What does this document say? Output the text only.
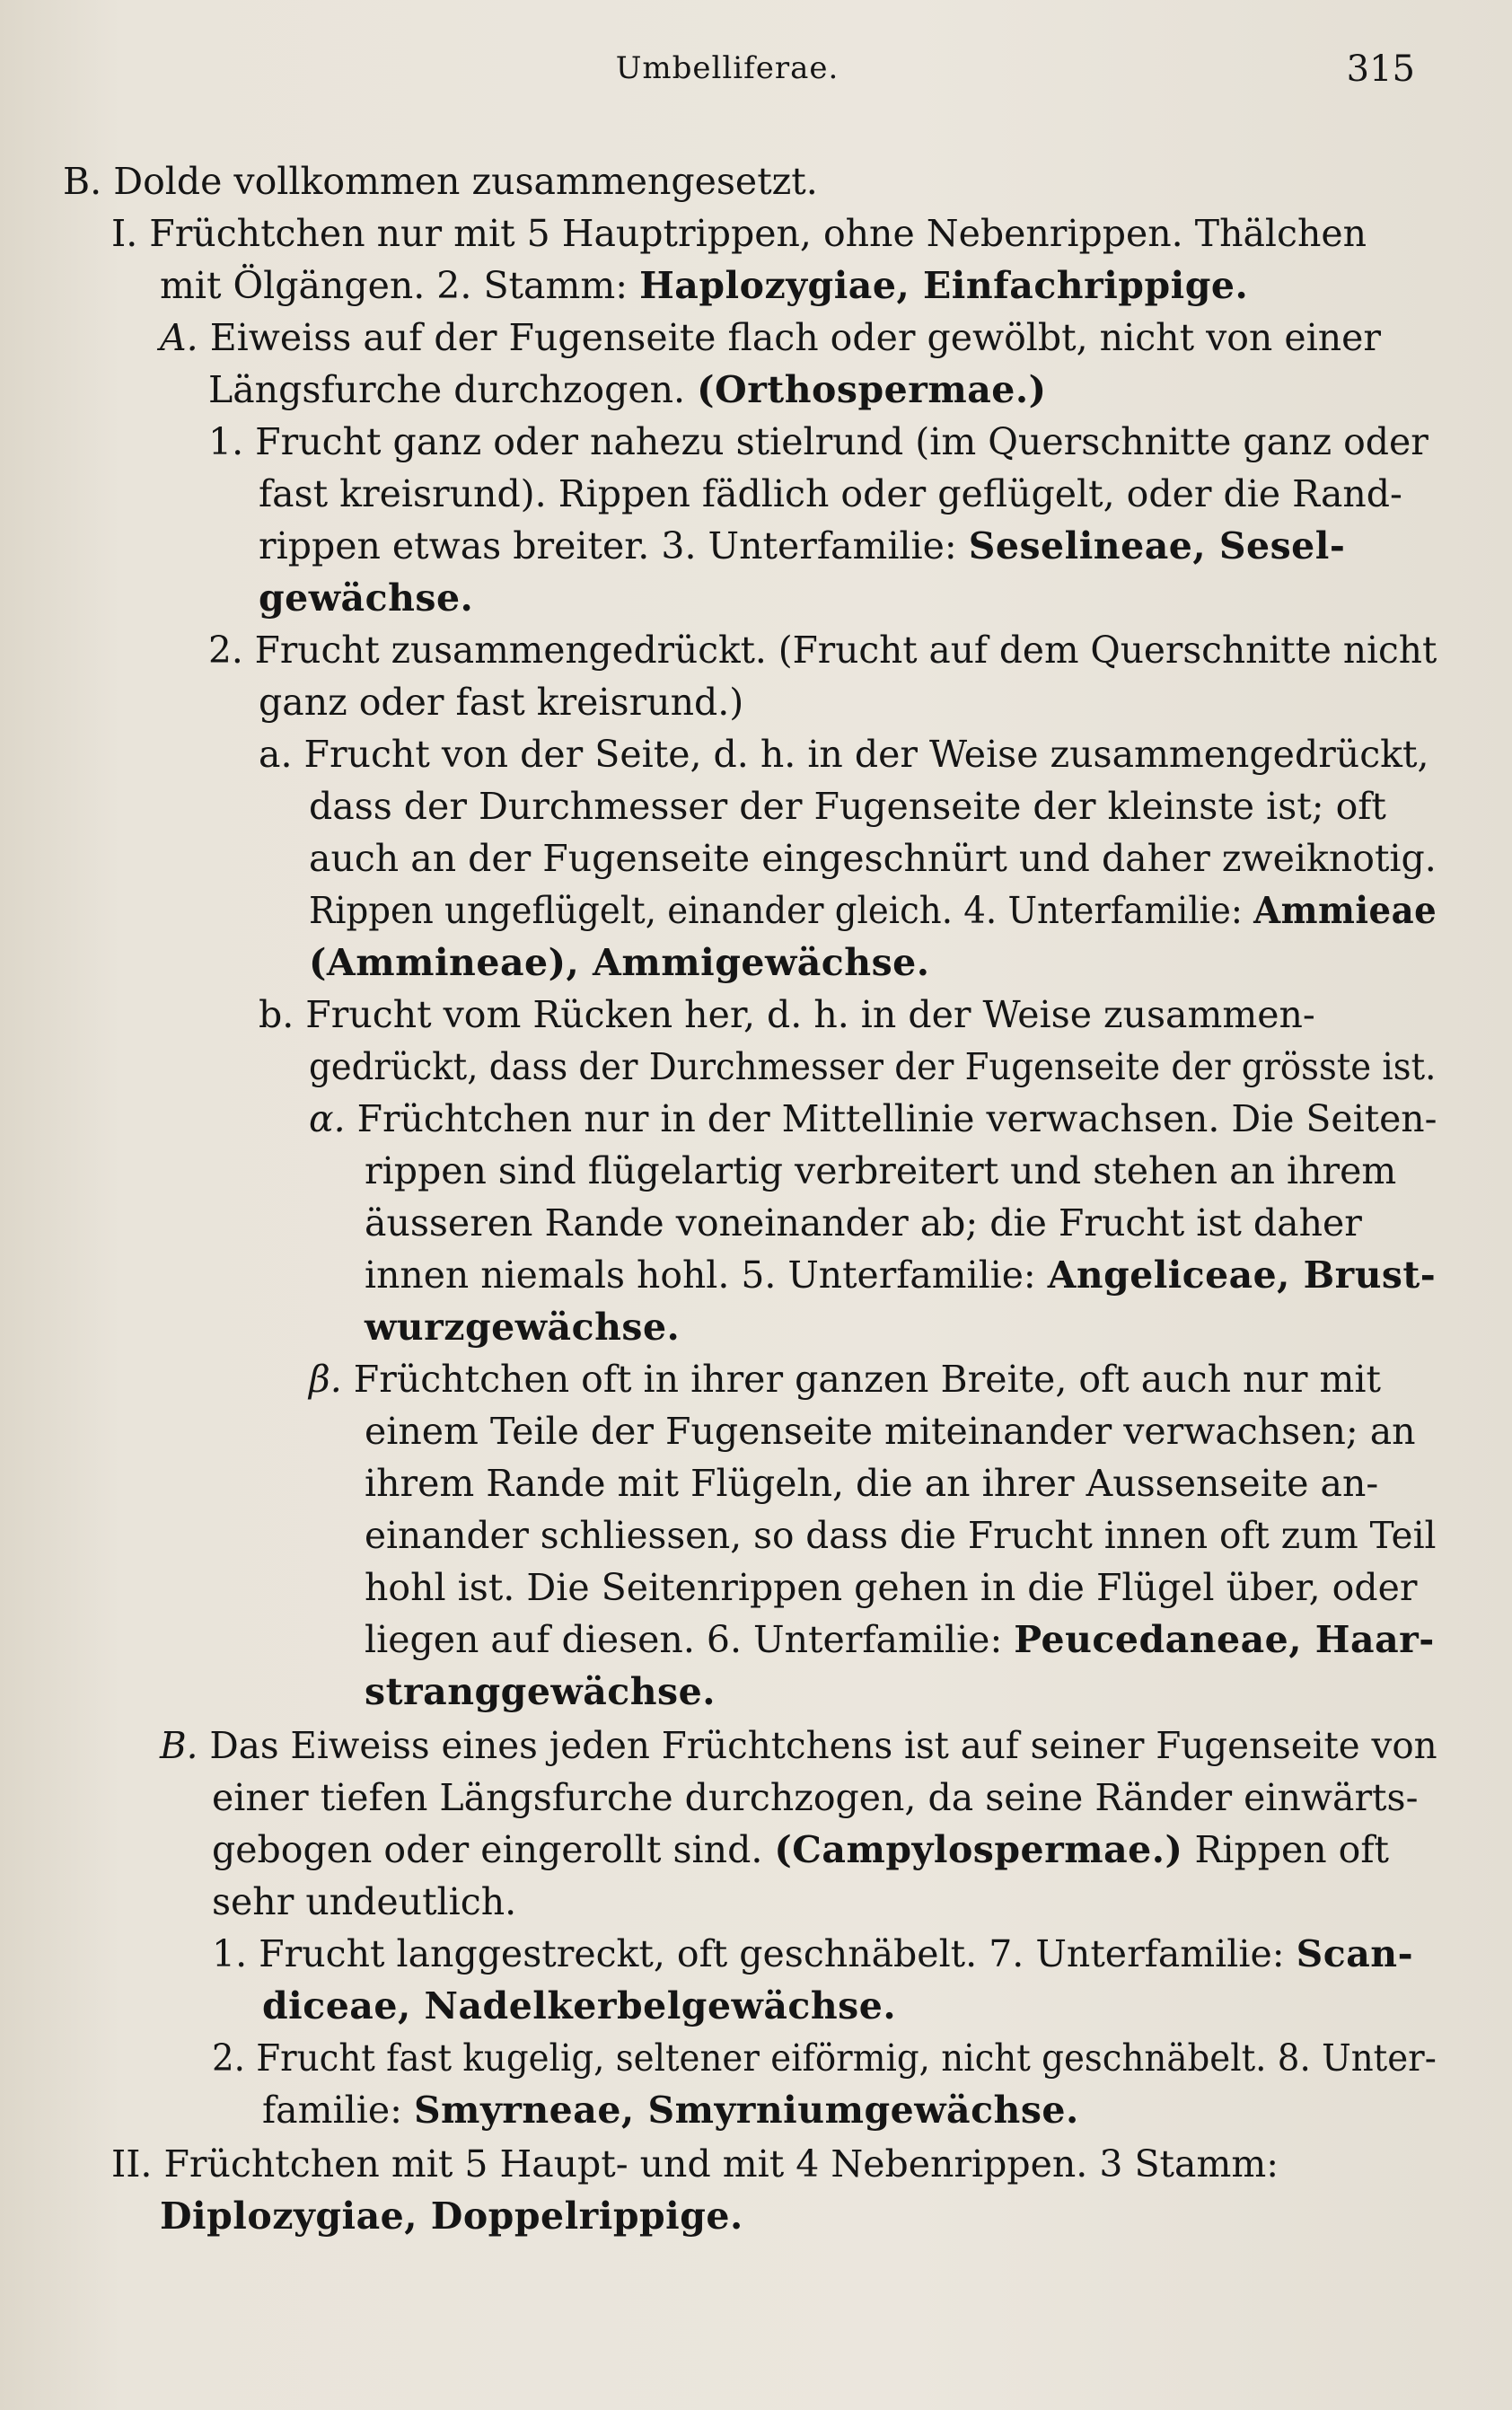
Umbelliferae.	315
B. Dolde vollkommen zusammengesetzt.
I. Früchtchen nur mit 5 Hauptrippen, ohne Nebenrippen. Thälchen
mit Ölgängen. 2. Stamm: Haplozygiae, Einfachrippige.
A. Eiweiss auf der Fugenseite flach oder gewölbt, nicht von einer
Längsfurche durchzogen. (Orthospermae.)
1. Frucht ganz oder nahezu stielrund (im Querschnitte ganz oder
fast kreisrund). Rippen fädlich oder geflügelt, oder die Rand-
rippen etwas breiter. 3. Unterfamilie: Seselineae, Sesel-
gewächse.
2. Frucht zusammengedrückt. (Frucht auf dem Querschnitte nicht
ganz oder fast kreisrund.)
a. Frucht von der Seite, d. h. in der Weise zusammengedrückt,
dass der Durchmesser der Fugenseite der kleinste ist; oft
auch an der Fugenseite eingeschnürt und daher zweiknotig.
Rippen ungeflügelt, einander gleich. 4. Unterfamilie: Ammieae
(Ammineae), Ammigewächse.
b. Frucht vom Rücken her, d. h. in der Weise zusammen-
gedrückt, dass der Durchmesser der Fugenseite der grösste ist.
α. Früchtchen nur in der Mittellinie verwachsen. Die Seiten-
rippen sind flügelartig verbreitert und stehen an ihrem
äusseren Rande voneinander ab; die Frucht ist daher
innen niemals hohl. 5. Unterfamilie: Angeliceae, Brust-
wurzgewächse.
β. Früchtchen oft in ihrer ganzen Breite, oft auch nur mit
einem Teile der Fugenseite miteinander verwachsen; an
ihrem Rande mit Flügeln, die an ihrer Aussenseite an-
einander schliessen, so dass die Frucht innen oft zum Teil
hohl ist. Die Seitenrippen gehen in die Flügel über, oder
liegen auf diesen. 6. Unterfamilie: Peucedaneae, Haar-
stranggewächse.
B. Das Eiweiss eines jeden Früchtchens ist auf seiner Fugenseite von
einer tiefen Längsfurche durchzogen, da seine Ränder einwärts-
gebogen oder eingerollt sind. (Campylospermae.) Rippen oft
sehr undeutlich.
1. Frucht langgestreckt, oft geschnäbelt. 7. Unterfamilie: Scan-
diceae, Nadelkerbelgewächse.
2. Frucht fast kugelig, seltener eiförmig, nicht geschnäbelt. 8. Unter-
familie: Smyrneae, Smyrniumgewächse.
II. Früchtchen mit 5 Haupt- und mit 4 Nebenrippen. 3 Stamm:
Diplozygiae, Doppelrippige.
